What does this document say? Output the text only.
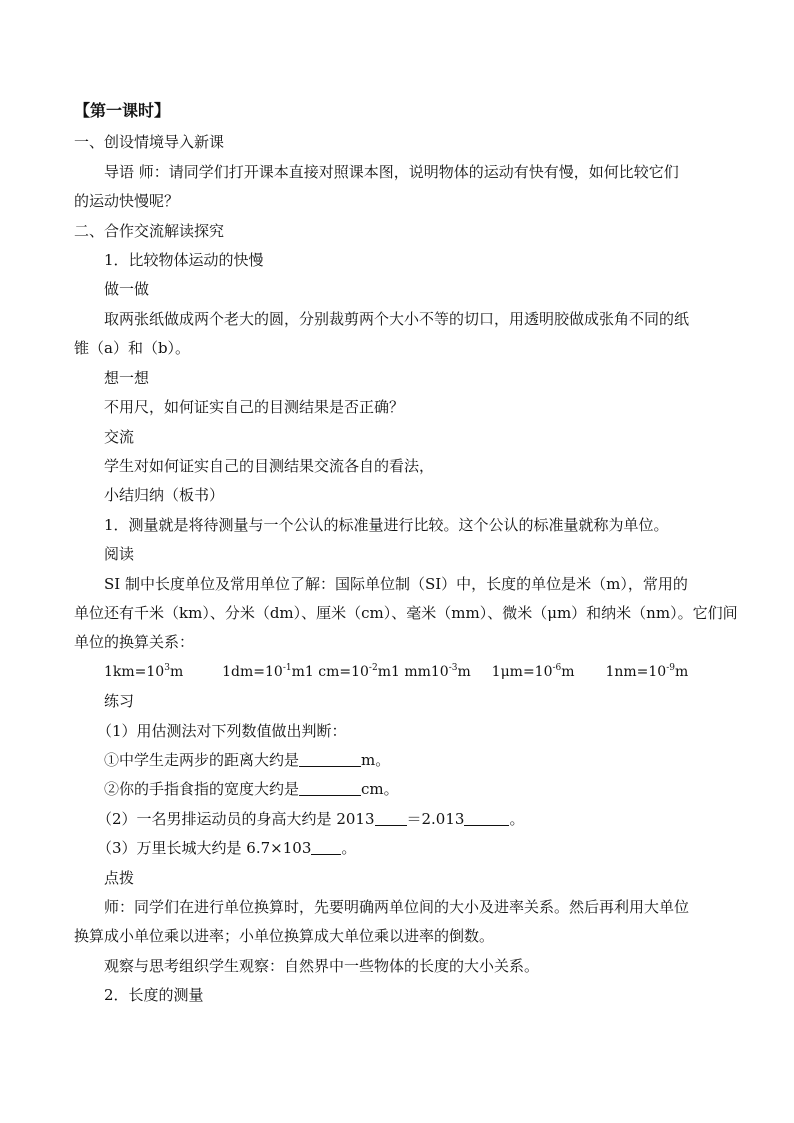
【第一课时】
一、创设情境导入新课
导语 师：请同学们打开课本直接对照课本图，说明物体的运动有快有慢，如何比较它们
的运动快慢呢？
二、合作交流解读探究
1．比较物体运动的快慢
做一做
取两张纸做成两个老大的圆，分别裁剪两个大小不等的切口，用透明胶做成张角不同的纸
锥（a）和（b）。
想一想
不用尺，如何证实自己的目测结果是否正确？
交流
学生对如何证实自己的目测结果交流各自的看法，
小结归纳（板书）
1．测量就是将待测量与一个公认的标准量进行比较。这个公认的标准量就称为单位。
阅读
SI 制中长度单位及常用单位了解：国际单位制（SI）中，长度的单位是米（m），常用的
单位还有千米（km）、分米（dm）、厘米（cm）、毫米（mm）、微米（μm）和纳米（nm）。它们间
单位的换算关系：
$1km=10^3m$	$1dm=10^{-1}m1$ $cm=10^{-2}m1$ $mm10^{-3}m$ $1\mu m=10^{-6}m$ $1nm=10^{-9}m$
练习
（1）用估测法对下列数值做出判断：
①中学生走两步的距离大约是	m。
②你的手指食指的宽度大约是	cm。
（2）一名男排运动员的身高大约是 2013 ＝2.013	。
（3）万里长城大约是 6.7×103 。
点拨
师：同学们在进行单位换算时，先要明确两单位间的大小及进率关系。然后再利用大单位
换算成小单位乘以进率；小单位换算成大单位乘以进率的倒数。
观察与思考组织学生观察：自然界中一些物体的长度的大小关系。
2．长度的测量
